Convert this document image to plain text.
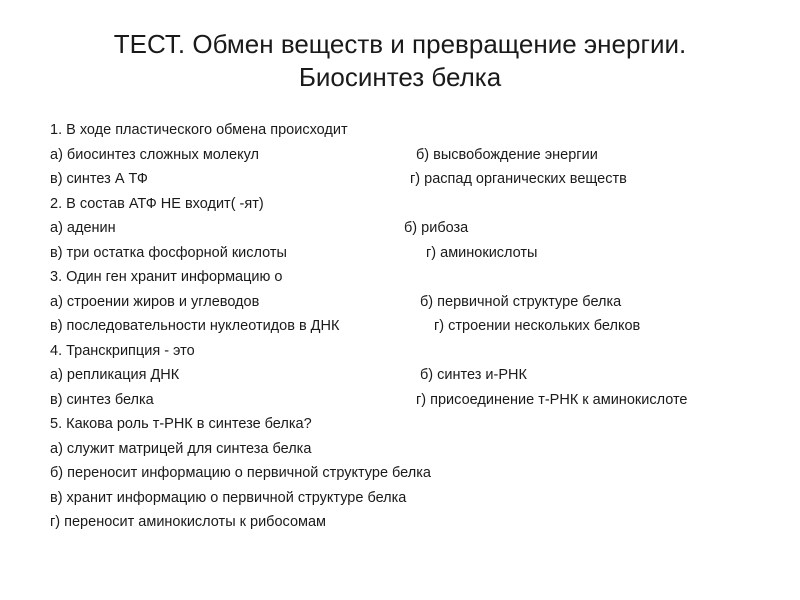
ТЕСТ. Обмен веществ и превращение энергии.
Биосинтез белка
1. В ходе пластического обмена происходит
а) биосинтез сложных молекул	б) высвобождение энергии
в) синтез А ТФ	г) распад органических веществ
2. В состав АТФ НЕ входит( -ят)
а) аденин	б) рибоза
в) три остатка фосфорной кислоты	г) аминокислоты
3. Один ген хранит информацию о
а) строении жиров и углеводов	б) первичной структуре белка
в) последовательности нуклеотидов в ДНК	г) строении нескольких белков
4. Транскрипция - это
а) репликация ДНК	б) синтез и-РНК
в) синтез белка	г) присоединение т-РНК к аминокислоте
5. Какова роль т-РНК в синтезе белка?
а) служит матрицей для синтеза белка
б) переносит информацию о первичной структуре белка
в) хранит информацию о первичной структуре белка
г) переносит аминокислоты к рибосомам
